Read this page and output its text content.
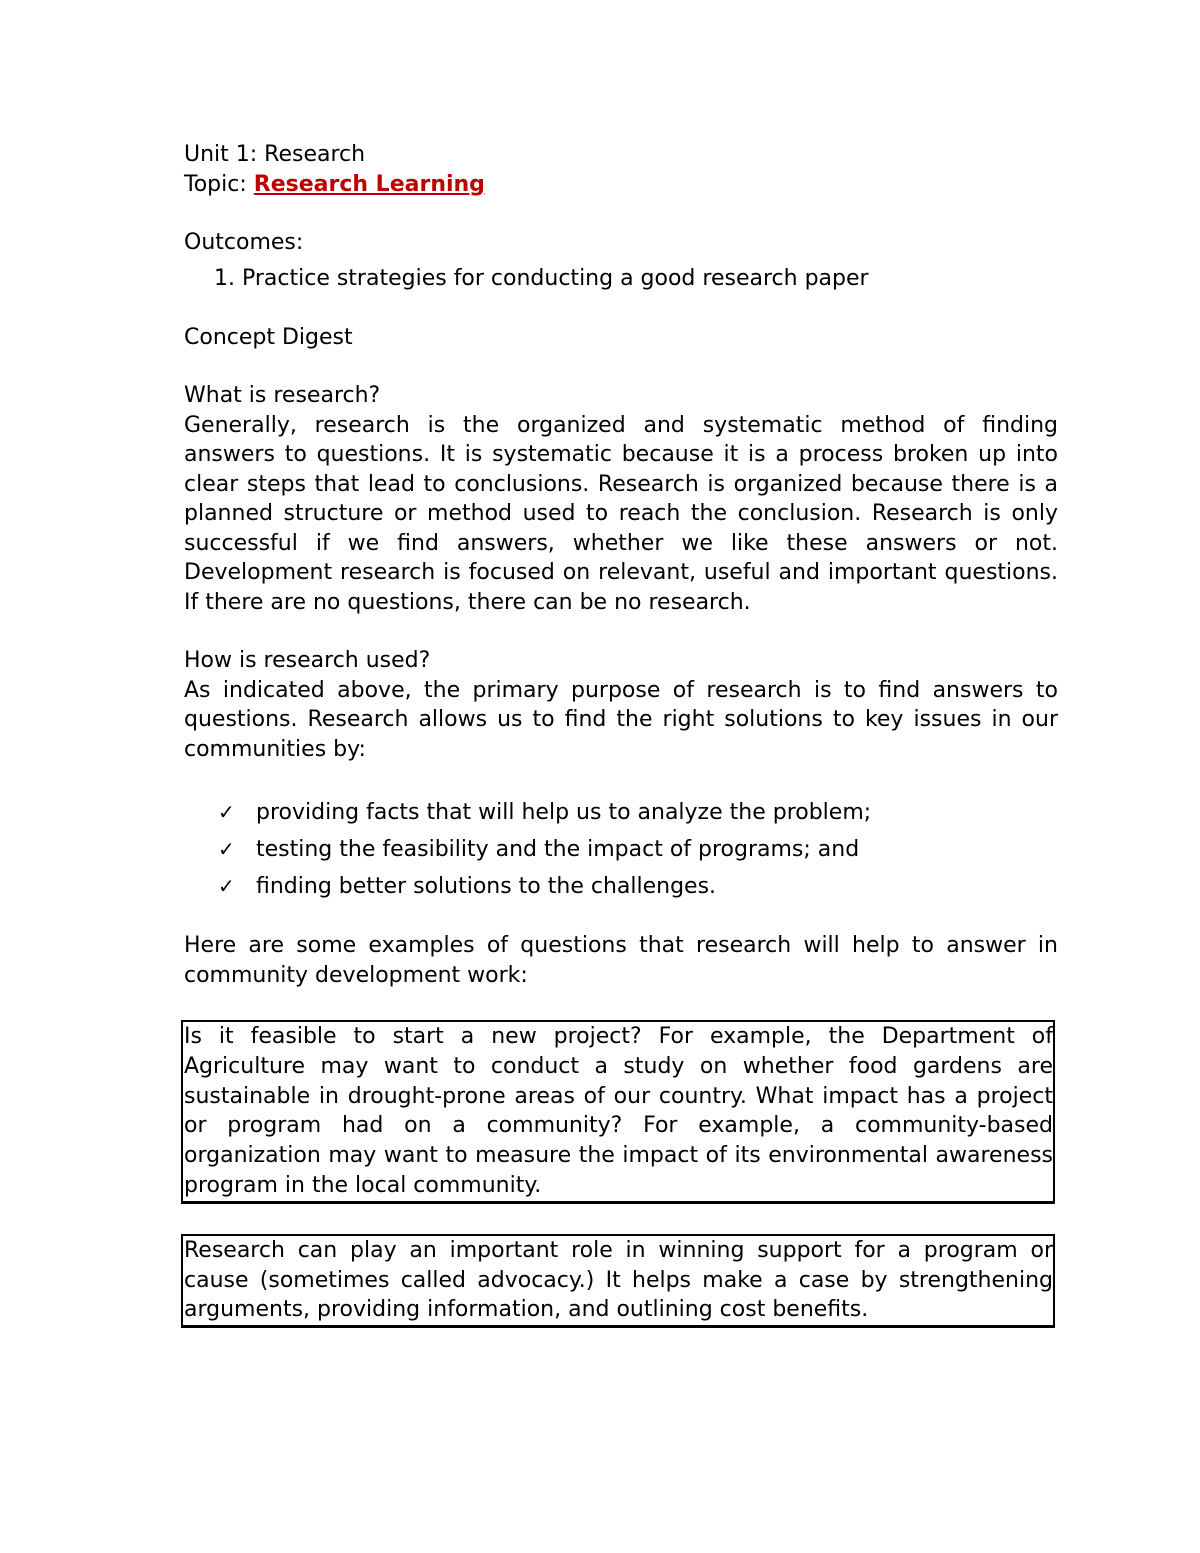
Unit 1: Research

Topic: Research Learning

Outcomes:

1. Practice strategies for conducting a good research paper

Concept Digest

What is research?

Generally, research is the organized and systematic method of finding answers to questions. It is systematic because it is a process broken up into clear steps that lead to conclusions. Research is organized because there is a planned structure or method used to reach the conclusion. Research is only successful if we find answers, whether we like these answers or not. Development research is focused on relevant, useful and important questions. If there are no questions, there can be no research.

How is research used?

As indicated above, the primary purpose of research is to find answers to questions. Research allows us to find the right solutions to key issues in our communities by:

✓ providing facts that will help us to analyze the problem;
✓ testing the feasibility and the impact of programs; and
✓ finding better solutions to the challenges.

Here are some examples of questions that research will help to answer in community development work:

Is it feasible to start a new project? For example, the Department of Agriculture may want to conduct a study on whether food gardens are sustainable in drought-prone areas of our country. What impact has a project or program had on a community? For example, a community-based organization may want to measure the impact of its environmental awareness program in the local community.

Research can play an important role in winning support for a program or cause (sometimes called advocacy.) It helps make a case by strengthening arguments, providing information, and outlining cost benefits.
